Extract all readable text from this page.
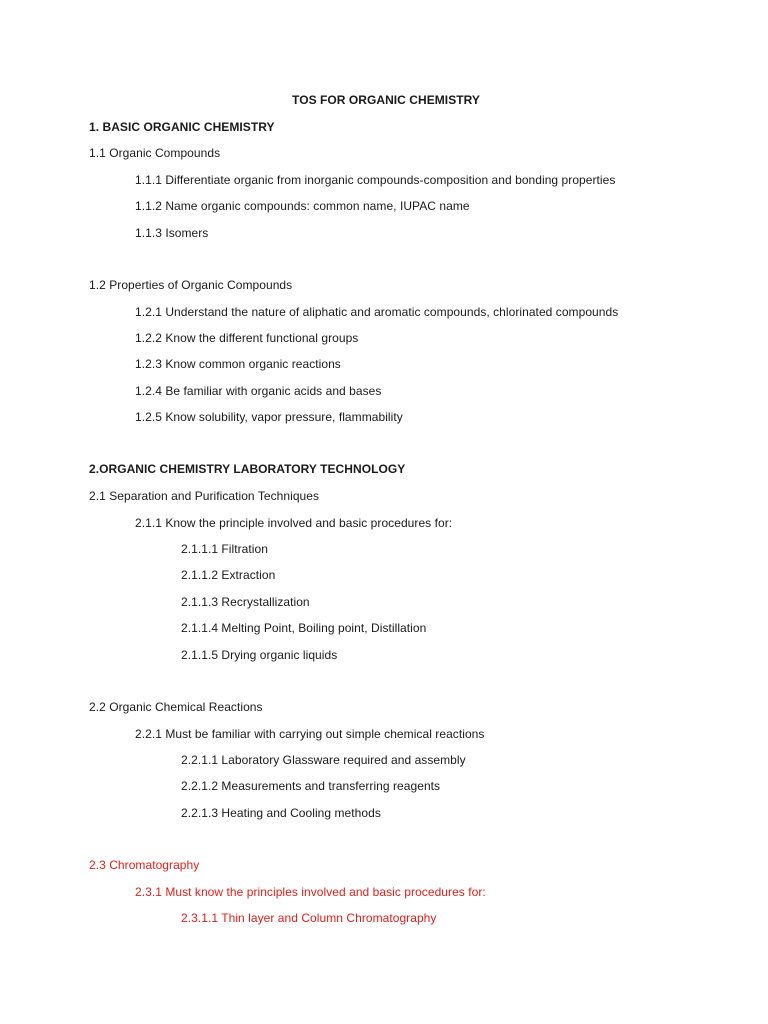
TOS FOR ORGANIC CHEMISTRY
1. BASIC ORGANIC CHEMISTRY
1.1 Organic Compounds
1.1.1 Differentiate organic from inorganic compounds-composition and bonding properties
1.1.2 Name organic compounds: common name, IUPAC name
1.1.3 Isomers
1.2 Properties of Organic Compounds
1.2.1 Understand the nature of aliphatic and aromatic compounds, chlorinated compounds
1.2.2 Know the different functional groups
1.2.3 Know common organic reactions
1.2.4 Be familiar with organic acids and bases
1.2.5 Know solubility, vapor pressure, flammability
2.ORGANIC CHEMISTRY LABORATORY TECHNOLOGY
2.1 Separation and Purification Techniques
2.1.1 Know the principle involved and basic procedures for:
2.1.1.1 Filtration
2.1.1.2 Extraction
2.1.1.3 Recrystallization
2.1.1.4 Melting Point, Boiling point, Distillation
2.1.1.5 Drying organic liquids
2.2 Organic Chemical Reactions
2.2.1 Must be familiar with carrying out simple chemical reactions
2.2.1.1 Laboratory Glassware required and assembly
2.2.1.2 Measurements and transferring reagents
2.2.1.3 Heating and Cooling methods
2.3 Chromatography
2.3.1 Must know the principles involved and basic procedures for:
2.3.1.1 Thin layer and Column Chromatography
